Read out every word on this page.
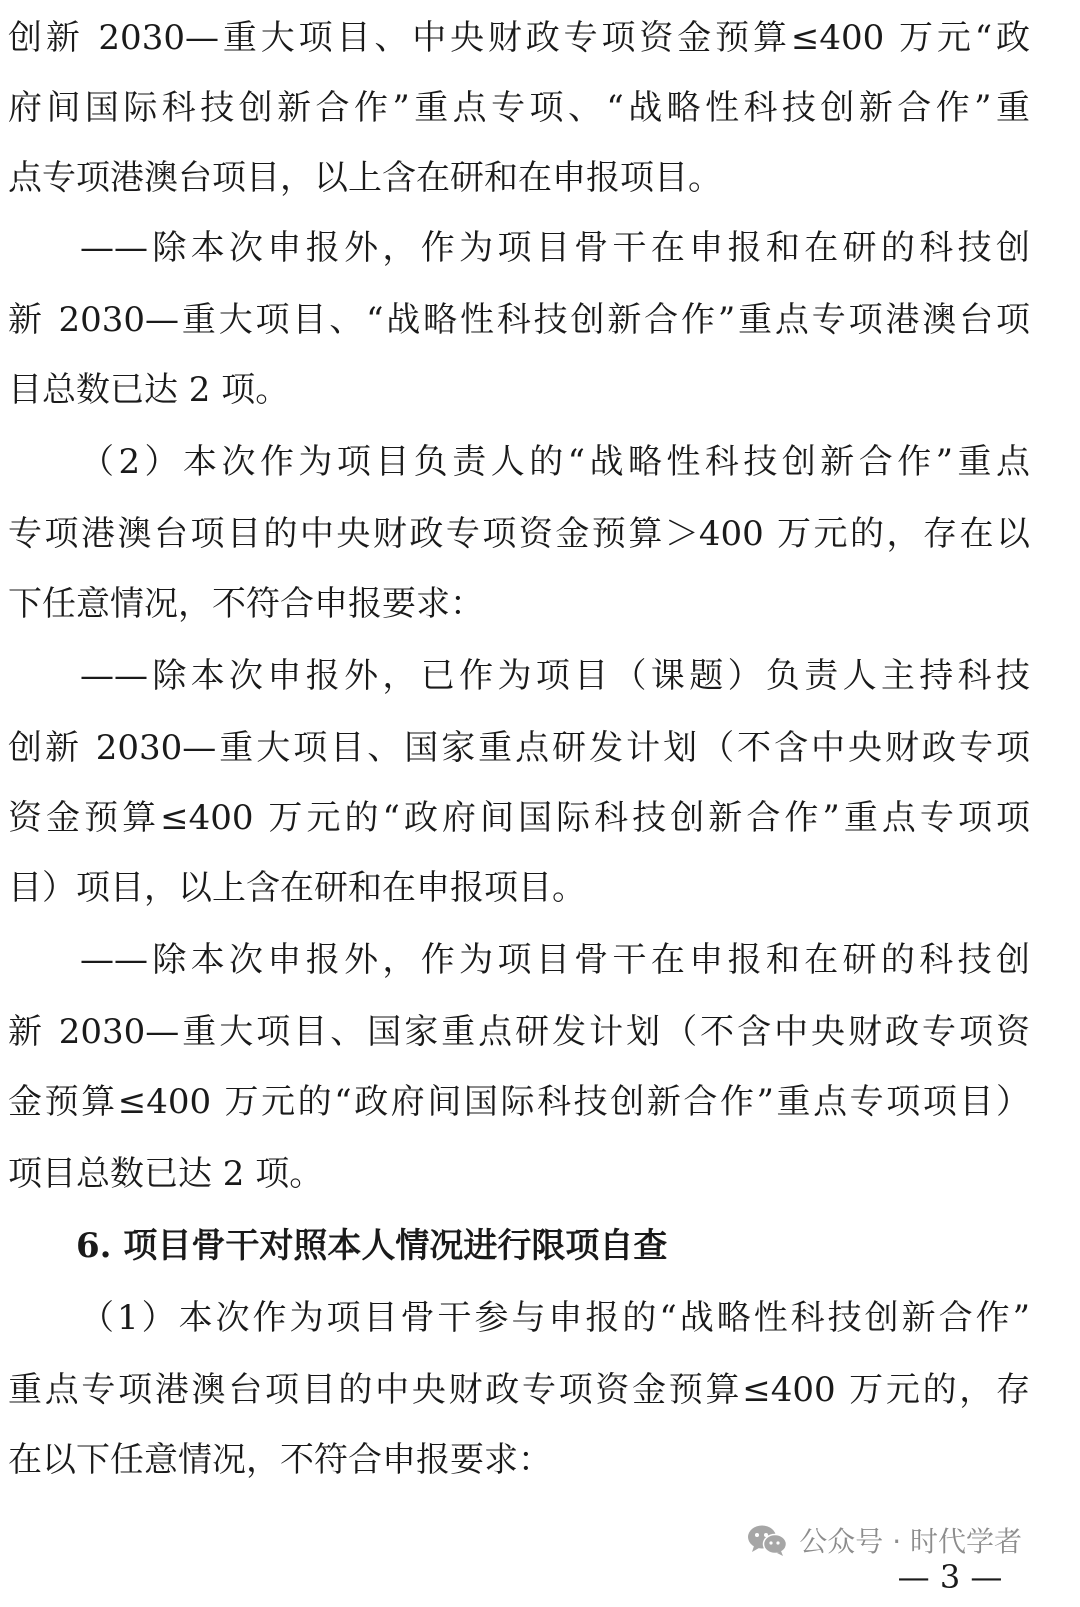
创新 2030—重大项目、中央财政专项资金预算≤400 万元“政
府间国际科技创新合作”重点专项、“战略性科技创新合作”重
点专项港澳台项目，以上含在研和在申报项目。
——除本次申报外，作为项目骨干在申报和在研的科技创
新 2030—重大项目、“战略性科技创新合作”重点专项港澳台项
目总数已达 2 项。
（2）本次作为项目负责人的“战略性科技创新合作”重点
专项港澳台项目的中央财政专项资金预算＞400 万元的，存在以
下任意情况，不符合申报要求：
——除本次申报外，已作为项目（课题）负责人主持科技
创新 2030—重大项目、国家重点研发计划（不含中央财政专项
资金预算≤400 万元的“政府间国际科技创新合作”重点专项项
目）项目，以上含在研和在申报项目。
——除本次申报外，作为项目骨干在申报和在研的科技创
新 2030—重大项目、国家重点研发计划（不含中央财政专项资
金预算≤400 万元的“政府间国际科技创新合作”重点专项项目）
项目总数已达 2 项。
6. 项目骨干对照本人情况进行限项自查
（1）本次作为项目骨干参与申报的“战略性科技创新合作”
重点专项港澳台项目的中央财政专项资金预算≤400 万元的，存
在以下任意情况，不符合申报要求：
公众号 · 时代学者
— 3 —
